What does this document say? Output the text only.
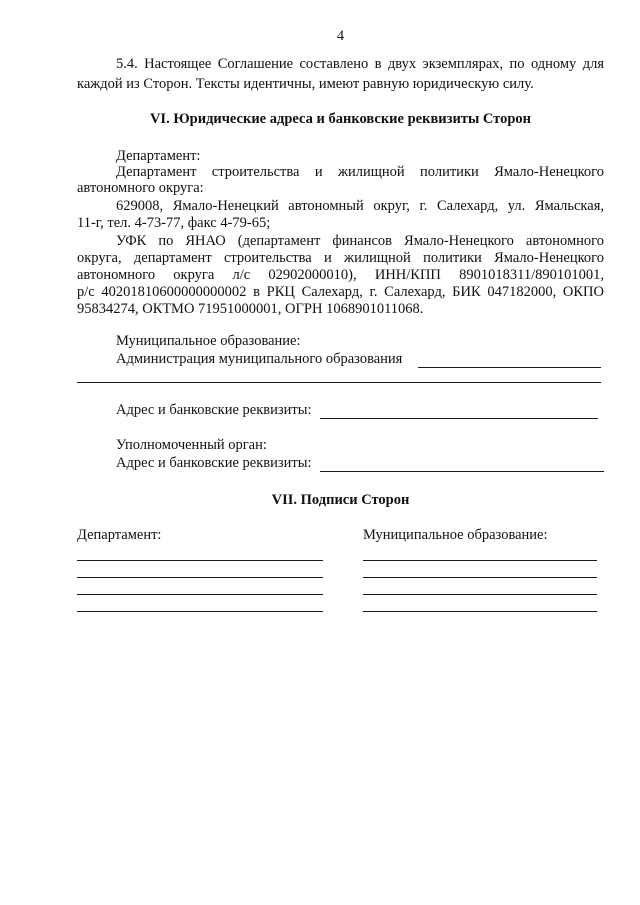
4
5.4. Настоящее Соглашение составлено в двух экземплярах, по одному для
каждой из Сторон. Тексты идентичны, имеют равную юридическую силу.
VI. Юридические адреса и банковские реквизиты Сторон
Департамент:
Департамент строительства и жилищной политики Ямало-Ненецкого
автономного округа:
629008, Ямало-Ненецкий автономный округ, г. Салехард, ул. Ямальская,
11-г, тел. 4-73-77, факс 4-79-65;
УФК по ЯНАО (департамент финансов Ямало-Ненецкого автономного
округа, департамент строительства и жилищной политики Ямало-Ненецкого
автономного округа л/с 02902000010), ИНН/КПП 8901018311/890101001,
р/с 40201810600000000002 в РКЦ Салехард, г. Салехард, БИК 047182000, ОКПО
95834274, ОКТМО 71951000001, ОГРН 1068901011068.
Муниципальное образование:
Администрация муниципального образования
Адрес и банковские реквизиты:
Уполномоченный орган:
Адрес и банковские реквизиты:
VII. Подписи Сторон
Департамент:	Муниципальное образование:
